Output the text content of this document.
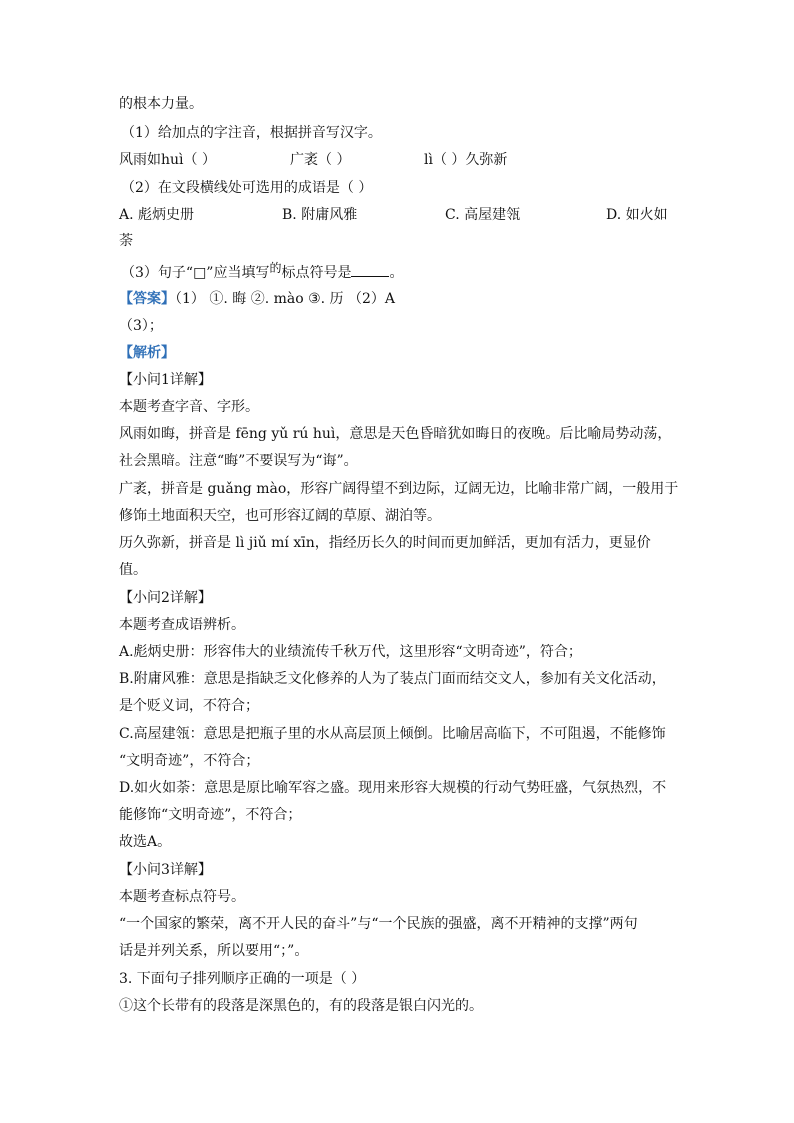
的根本力量。
（1）给加点的字注音，根据拼音写汉字。
风雨如huì（ ）	广袤（ ）	lì（ ）久弥新
（2）在文段横线处可选用的成语是（ ）
A. 彪炳史册	B. 附庸风雅	C. 高屋建瓴	D. 如火如
荼
（3）句子“□”应当填写的标点符号是	。
【答案】（1） ①. 晦 ②. mào ③. 历 （2）A
（3）；
【解析】
【小问1详解】
本题考查字音、字形。
风雨如晦，拼音是 fēng yǔ rú huì，意思是天色昏暗犹如晦日的夜晚。后比喻局势动荡，
社会黑暗。注意“晦”不要误写为“诲”。
广袤，拼音是 guǎng mào，形容广阔得望不到边际，辽阔无边，比喻非常广阔，一般用于
修饰土地面积天空，也可形容辽阔的草原、湖泊等。
历久弥新，拼音是 lì jiǔ mí xīn，指经历长久的时间而更加鲜活，更加有活力，更显价
值。
【小问2详解】
本题考查成语辨析。
A.彪炳史册：形容伟大的业绩流传千秋万代，这里形容“文明奇迹”，符合；
B.附庸风雅：意思是指缺乏文化修养的人为了装点门面而结交文人，参加有关文化活动，
是个贬义词，不符合；
C.高屋建瓴：意思是把瓶子里的水从高层顶上倾倒。比喻居高临下，不可阻遏，不能修饰
“文明奇迹”，不符合；
D.如火如荼：意思是原比喻军容之盛。现用来形容大规模的行动气势旺盛，气氛热烈，不
能修饰“文明奇迹”，不符合；
故选A。
【小问3详解】
本题考查标点符号。
“一个国家的繁荣，离不开人民的奋斗”与“一个民族的强盛，离不开精神的支撑”两句
话是并列关系，所以要用“；”。
3. 下面句子排列顺序正确的一项是（ ）
①这个长带有的段落是深黑色的，有的段落是银白闪光的。
